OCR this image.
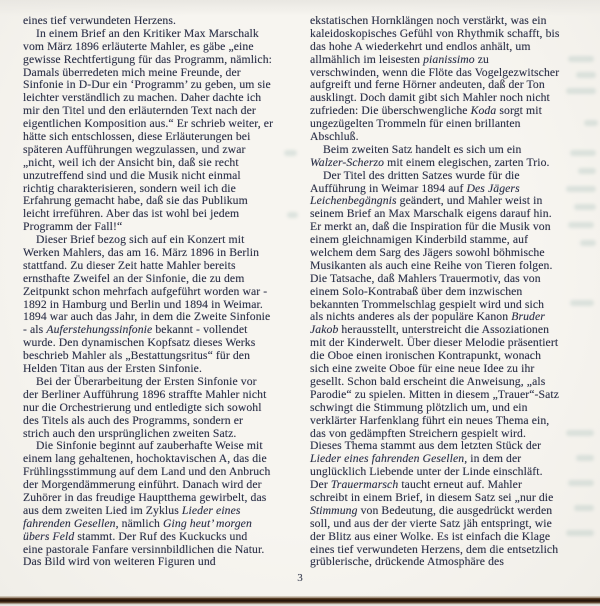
eines tief verwundeten Herzens.
In einem Brief an den Kritiker Max Marschalk
vom März 1896 erläuterte Mahler, es gäbe „eine
gewisse Rechtfertigung für das Programm, nämlich:
Damals überredeten mich meine Freunde, der
Sinfonie in D-Dur ein ‘Programm’ zu geben, um sie
leichter verständlich zu machen. Daher dachte ich
mir den Titel und den erläuternden Text nach der
eigentlichen Komposition aus.“ Er schrieb weiter, er
hätte sich entschlossen, diese Erläuterungen bei
späteren Aufführungen wegzulassen, und zwar
„nicht, weil ich der Ansicht bin, daß sie recht
unzutreffend sind und die Musik nicht einmal
richtig charakterisieren, sondern weil ich die
Erfahrung gemacht habe, daß sie das Publikum
leicht irreführen. Aber das ist wohl bei jedem
Programm der Fall!“
Dieser Brief bezog sich auf ein Konzert mit
Werken Mahlers, das am 16. März 1896 in Berlin
stattfand. Zu dieser Zeit hatte Mahler bereits
ernsthafte Zweifel an der Sinfonie, die zu dem
Zeitpunkt schon mehrfach aufgeführt worden war -
1892 in Hamburg und Berlin und 1894 in Weimar.
1894 war auch das Jahr, in dem die Zweite Sinfonie
- als Auferstehungssinfonie bekannt - vollendet
wurde. Den dynamischen Kopfsatz dieses Werks
beschrieb Mahler als „Bestattungsritus“ für den
Helden Titan aus der Ersten Sinfonie.
Bei der Überarbeitung der Ersten Sinfonie vor
der Berliner Aufführung 1896 straffte Mahler nicht
nur die Orchestrierung und entledigte sich sowohl
des Titels als auch des Programms, sondern er
strich auch den ursprünglichen zweiten Satz.
Die Sinfonie beginnt auf zauberhafte Weise mit
einem lang gehaltenen, hochoktavischen A, das die
Frühlingsstimmung auf dem Land und den Anbruch
der Morgendämmerung einführt. Danach wird der
Zuhörer in das freudige Hauptthema gewirbelt, das
aus dem zweiten Lied im Zyklus Lieder eines
fahrenden Gesellen, nämlich Ging heut’ morgen
übers Feld stammt. Der Ruf des Kuckucks und
eine pastorale Fanfare versinnbildlichen die Natur.
Das Bild wird von weiteren Figuren und
ekstatischen Hornklängen noch verstärkt, was ein
kaleidoskopisches Gefühl von Rhythmik schafft, bis
das hohe A wiederkehrt und endlos anhält, um
allmählich im leisesten pianissimo zu
verschwinden, wenn die Flöte das Vogelgezwitscher
aufgreift und ferne Hörner andeuten, daß der Ton
ausklingt. Doch damit gibt sich Mahler noch nicht
zufrieden: Die überschwengliche Koda sorgt mit
ungezügelten Trommeln für einen brillanten
Abschluß.
Beim zweiten Satz handelt es sich um ein
Walzer-Scherzo mit einem elegischen, zarten Trio.
Der Titel des dritten Satzes wurde für die
Aufführung in Weimar 1894 auf Des Jägers
Leichenbegängnis geändert, und Mahler weist in
seinem Brief an Max Marschalk eigens darauf hin.
Er merkt an, daß die Inspiration für die Musik von
einem gleichnamigen Kinderbild stamme, auf
welchem dem Sarg des Jägers sowohl böhmische
Musikanten als auch eine Reihe von Tieren folgen.
Die Tatsache, daß Mahlers Trauermotiv, das von
einem Solo-Kontrabaß über dem inzwischen
bekannten Trommelschlag gespielt wird und sich
als nichts anderes als der populäre Kanon Bruder
Jakob herausstellt, unterstreicht die Assoziationen
mit der Kinderwelt. Über dieser Melodie präsentiert
die Oboe einen ironischen Kontrapunkt, wonach
sich eine zweite Oboe für eine neue Idee zu ihr
gesellt. Schon bald erscheint die Anweisung, „als
Parodie“ zu spielen. Mitten in diesem „Trauer“-Satz
schwingt die Stimmung plötzlich um, und ein
verklärter Harfenklang führt ein neues Thema ein,
das von gedämpften Streichern gespielt wird.
Dieses Thema stammt aus dem letzten Stück der
Lieder eines fahrenden Gesellen, in dem der
unglücklich Liebende unter der Linde einschläft.
Der Trauermarsch taucht erneut auf. Mahler
schreibt in einem Brief, in diesem Satz sei „nur die
Stimmung von Bedeutung, die ausgedrückt werden
soll, und aus der der vierte Satz jäh entspringt, wie
der Blitz aus einer Wolke. Es ist einfach die Klage
eines tief verwundeten Herzens, dem die entsetzlich
grüblerische, drückende Atmosphäre des
3
